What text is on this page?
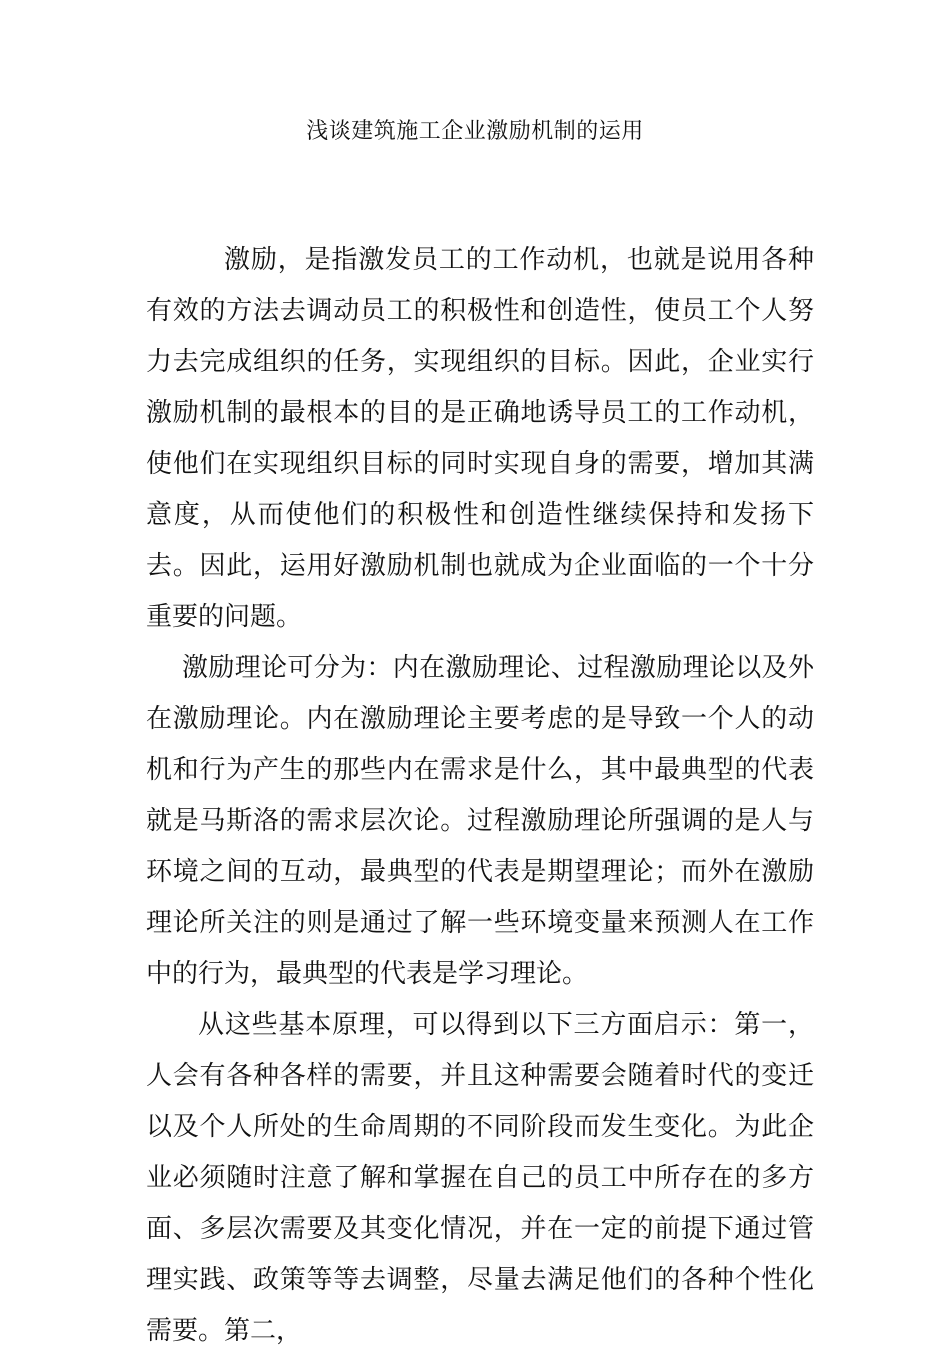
浅谈建筑施工企业激励机制的运用

激励，是指激发员工的工作动机，也就是说用各种有效的方法去调动员工的积极性和创造性，使员工个人努力去完成组织的任务，实现组织的目标。因此，企业实行激励机制的最根本的目的是正确地诱导员工的工作动机，使他们在实现组织目标的同时实现自身的需要，增加其满意度，从而使他们的积极性和创造性继续保持和发扬下去。因此，运用好激励机制也就成为企业面临的一个十分重要的问题。

激励理论可分为：内在激励理论、过程激励理论以及外在激励理论。内在激励理论主要考虑的是导致一个人的动机和行为产生的那些内在需求是什么，其中最典型的代表就是马斯洛的需求层次论。过程激励理论所强调的是人与环境之间的互动，最典型的代表是期望理论；而外在激励理论所关注的则是通过了解一些环境变量来预测人在工作中的行为，最典型的代表是学习理论。

从这些基本原理，可以得到以下三方面启示：第一，人会有各种各样的需要，并且这种需要会随着时代的变迁以及个人所处的生命周期的不同阶段而发生变化。为此企业必须随时注意了解和掌握在自己的员工中所存在的多方面、多层次需要及其变化情况，并在一定的前提下通过管理实践、政策等等去调整，尽量去满足他们的各种个性化需要。第二，
